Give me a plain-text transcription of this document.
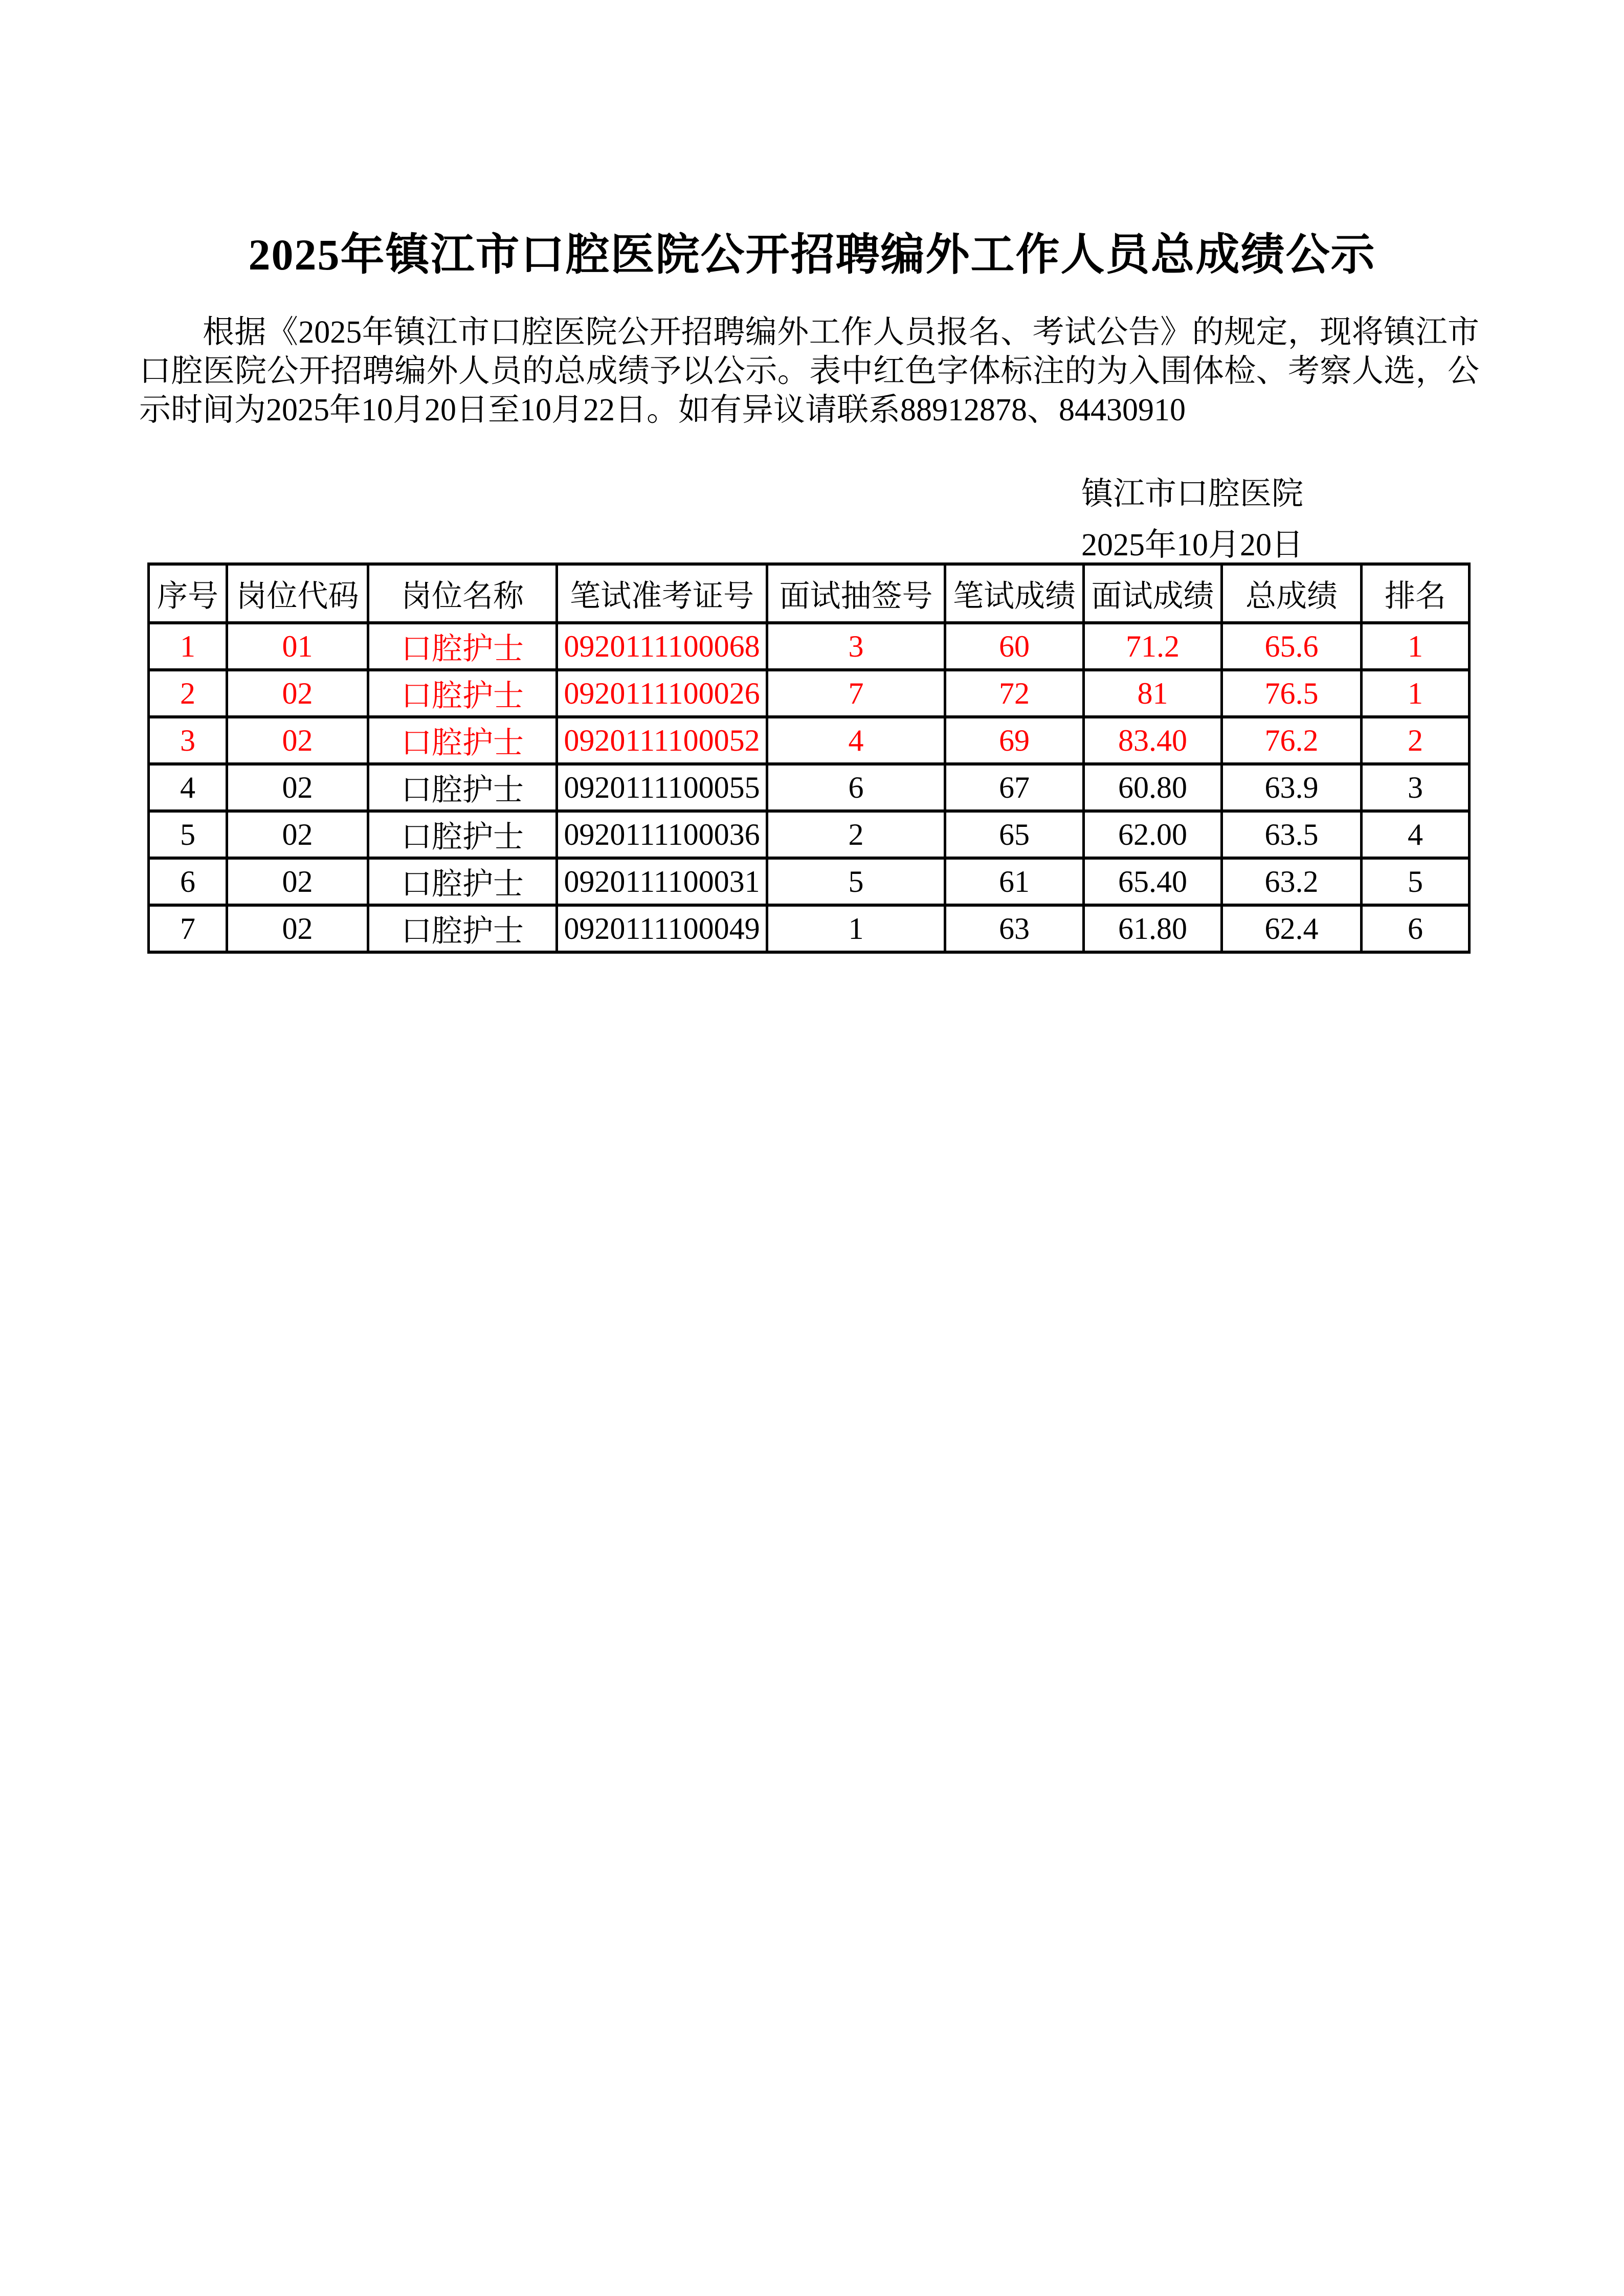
2025年镇江市口腔医院公开招聘编外工作人员总成绩公示
根据《2025年镇江市口腔医院公开招聘编外工作人员报名、考试公告》的规定，现将镇江市口腔医院公开招聘编外人员的总成绩予以公示。表中红色字体标注的为入围体检、考察人选，公示时间为2025年10月20日至10月22日。如有异议请联系88912878、84430910
镇江市口腔医院
2025年10月20日
序号	岗位代码	岗位名称	笔试准考证号	面试抽签号	笔试成绩	面试成绩	总成绩	排名
1	01	口腔护士	0920111100068	3	60	71.2	65.6	1
2	02	口腔护士	0920111100026	7	72	81	76.5	1
3	02	口腔护士	0920111100052	4	69	83.40	76.2	2
4	02	口腔护士	0920111100055	6	67	60.80	63.9	3
5	02	口腔护士	0920111100036	2	65	62.00	63.5	4
6	02	口腔护士	0920111100031	5	61	65.40	63.2	5
7	02	口腔护士	0920111100049	1	63	61.80	62.4	6
